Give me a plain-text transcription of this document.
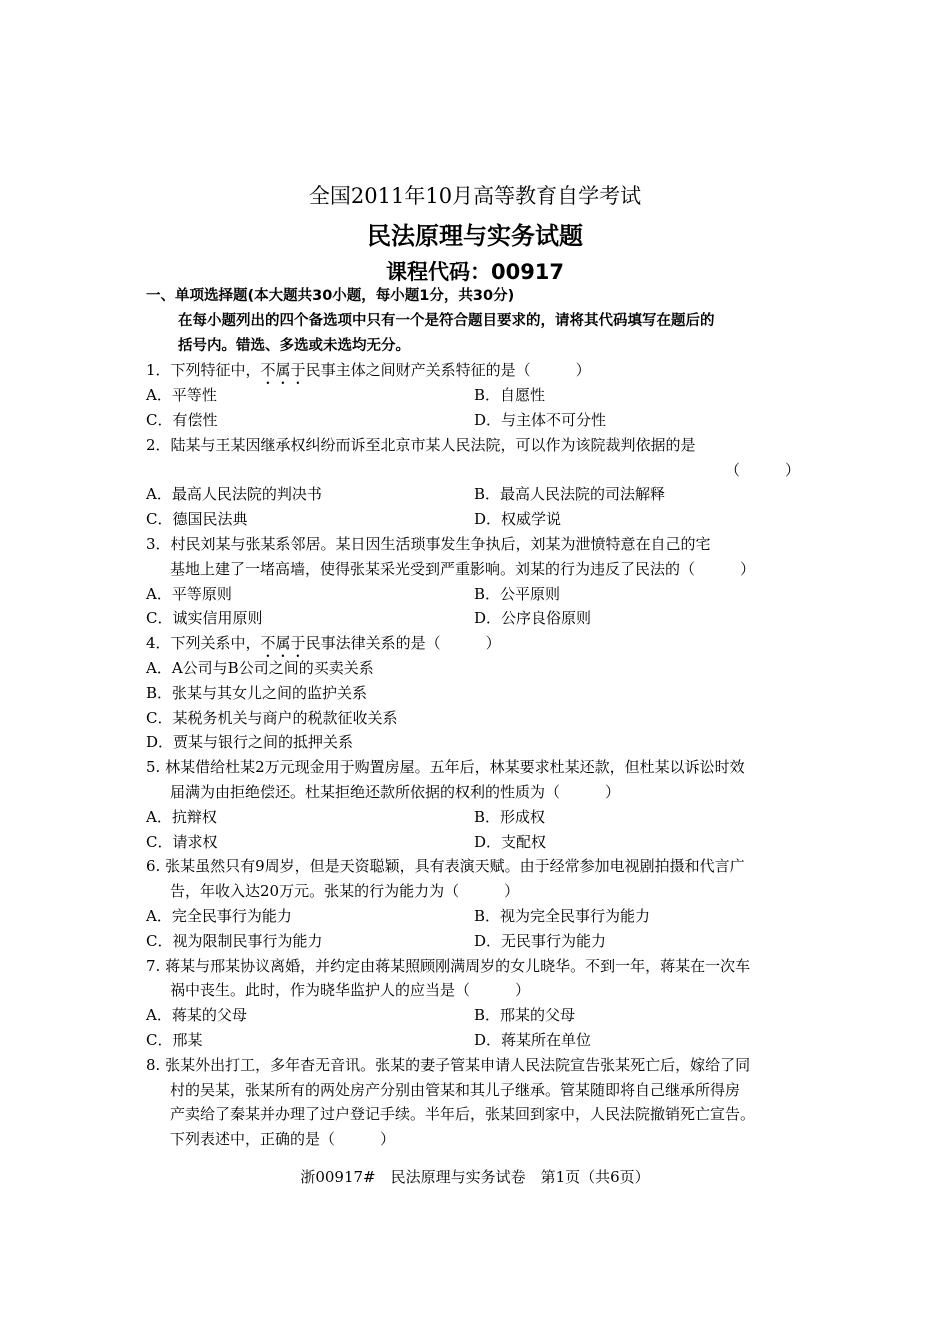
全国2011年10月高等教育自学考试
民法原理与实务试题
课程代码：00917
一、单项选择题(本大题共30小题，每小题1分，共30分)
在每小题列出的四个备选项中只有一个是符合题目要求的，请将其代码填写在题后的
括号内。错选、多选或未选均无分。
1．下列特征中，不属于民事主体之间财产关系特征的是（　　　）
A．平等性	B．自愿性
C．有偿性	D．与主体不可分性
2．陆某与王某因继承权纠纷而诉至北京市某人民法院，可以作为该院裁判依据的是
（　　　）
A．最高人民法院的判决书	B．最高人民法院的司法解释
C．德国民法典	D．权威学说
3．村民刘某与张某系邻居。某日因生活琐事发生争执后，刘某为泄愤特意在自己的宅
基地上建了一堵高墙，使得张某采光受到严重影响。刘某的行为违反了民法的（　　　）
A．平等原则	B．公平原则
C．诚实信用原则	D．公序良俗原则
4．下列关系中，不属于民事法律关系的是（　　　）
A．A公司与B公司之间的买卖关系
B．张某与其女儿之间的监护关系
C．某税务机关与商户的税款征收关系
D．贾某与银行之间的抵押关系
5. 林某借给杜某2万元现金用于购置房屋。五年后，林某要求杜某还款，但杜某以诉讼时效
届满为由拒绝偿还。杜某拒绝还款所依据的权利的性质为（　　　）
A．抗辩权	B．形成权
C．请求权	D．支配权
6. 张某虽然只有9周岁，但是天资聪颖，具有表演天赋。由于经常参加电视剧拍摄和代言广
告，年收入达20万元。张某的行为能力为（　　　）
A．完全民事行为能力	B．视为完全民事行为能力
C．视为限制民事行为能力	D．无民事行为能力
7. 蒋某与邢某协议离婚，并约定由蒋某照顾刚满周岁的女儿晓华。不到一年，蒋某在一次车
祸中丧生。此时，作为晓华监护人的应当是（　　　）
A．蒋某的父母	B．邢某的父母
C．邢某	D．蒋某所在单位
8. 张某外出打工，多年杳无音讯。张某的妻子管某申请人民法院宣告张某死亡后，嫁给了同
村的吴某，张某所有的两处房产分别由管某和其儿子继承。管某随即将自己继承所得房
产卖给了秦某并办理了过户登记手续。半年后，张某回到家中，人民法院撤销死亡宣告。
下列表述中，正确的是（　　　）
浙00917#　民法原理与实务试卷　第1页（共6页）
